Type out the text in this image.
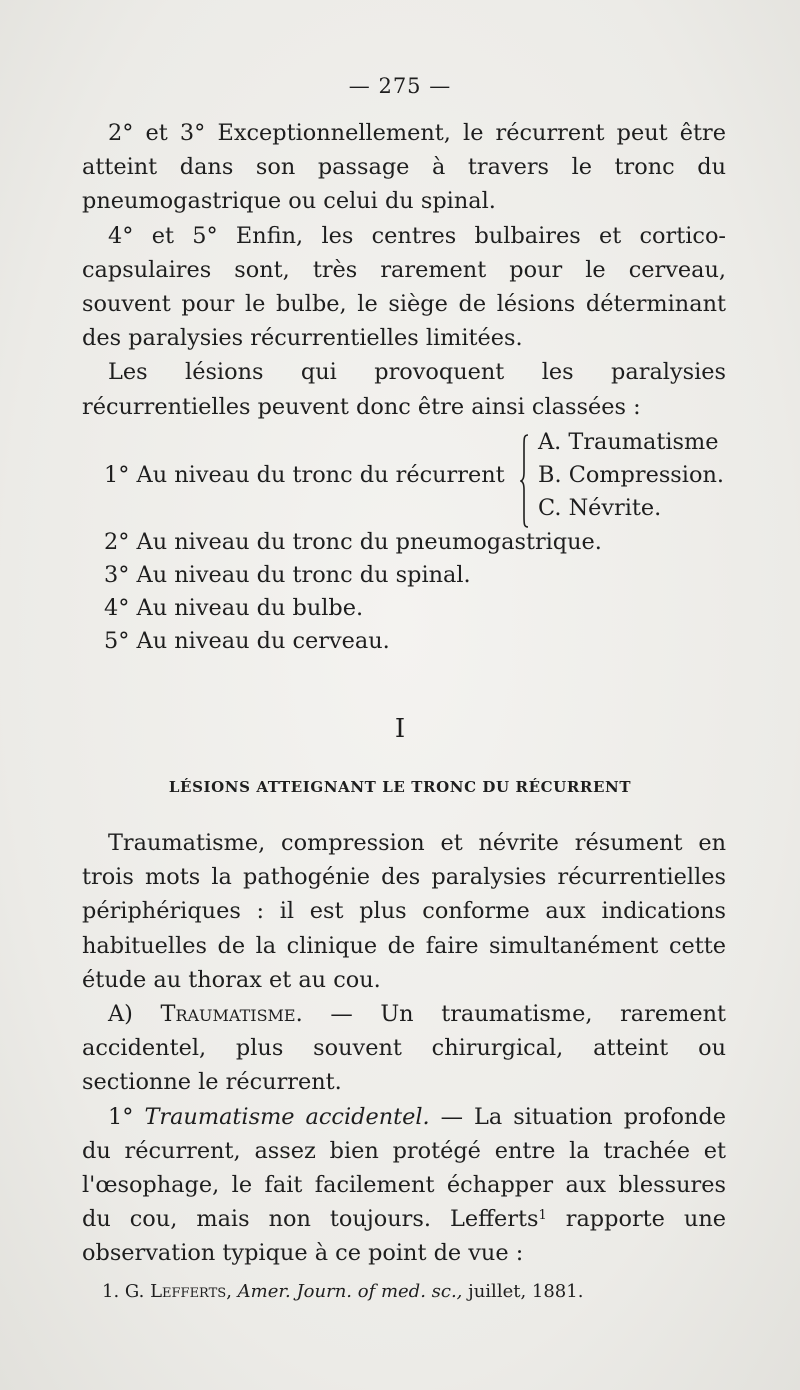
— 275 —

2° et 3° Exceptionnellement, le récurrent peut être atteint dans son passage à travers le tronc du pneumogastrique ou celui du spinal.

4° et 5° Enfin, les centres bulbaires et cortico-capsulaires sont, très rarement pour le cerveau, souvent pour le bulbe, le siège de lésions déterminant des paralysies récurrentielles limitées.

Les lésions qui provoquent les paralysies récurrentielles peuvent donc être ainsi classées :

A. Traumatisme
B. Compression.
C. Névrite.
1° Au niveau du tronc du récurrent
2° Au niveau du tronc du pneumogastrique.
3° Au niveau du tronc du spinal.
4° Au niveau du bulbe.
5° Au niveau du cerveau.
I
LÉSIONS ATTEIGNANT LE TRONC DU RÉCURRENT

Traumatisme, compression et névrite résument en trois mots la pathogénie des paralysies récurrentielles périphériques : il est plus conforme aux indications habituelles de la clinique de faire simultanément cette étude au thorax et au cou.

A) Traumatisme. — Un traumatisme, rarement accidentel, plus souvent chirurgical, atteint ou sectionne le récurrent.

1° Traumatisme accidentel. — La situation profonde du récurrent, assez bien protégé entre la trachée et l'œsophage, le fait facilement échapper aux blessures du cou, mais non toujours. Lefferts$^1$ rapporte une observation typique à ce point de vue :

1. G. Lefferts, Amer. Journ. of med. sc., juillet, 1881.
